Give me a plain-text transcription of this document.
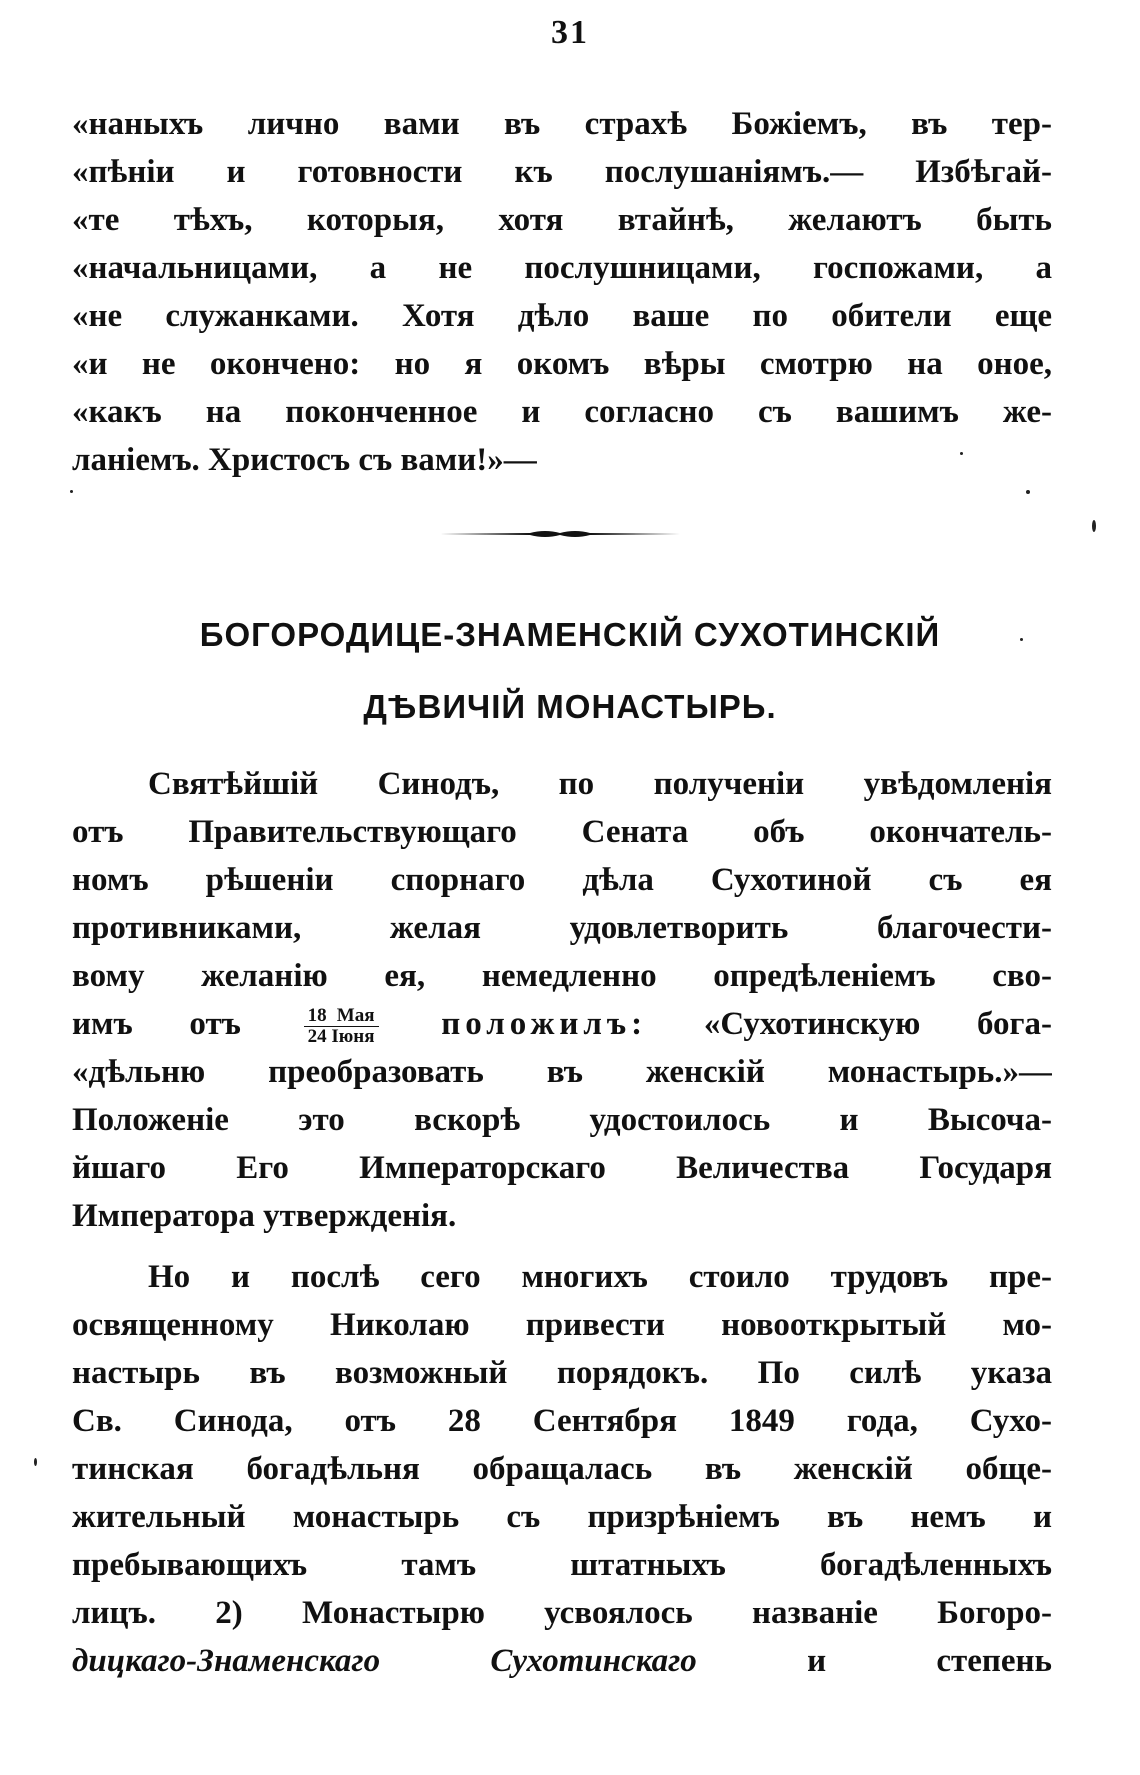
31
«наныхъ лично вами въ страхѣ Божіемъ, въ тер-
«пѣніи и готовности къ послушаніямъ.— Избѣгай-
«те тѣхъ, которыя, хотя втайнѣ, желаютъ быть
«начальницами, а не послушницами, госпожами, а
«не служанками. Хотя дѣло ваше по обители еще
«и не окончено: но я окомъ вѣры смотрю на оное,
«какъ на поконченное и согласно съ вашимъ же-
ланіемъ. Христосъ съ вами!»—
БОГОРОДИЦЕ-ЗНАМЕНСКІЙ СУХОТИНСКІЙ
ДѢВИЧІЙ МОНАСТЫРЬ.
Святѣйшій Синодъ, по полученіи увѣдомленія
отъ Правительствующаго Сената объ окончатель-
номъ рѣшеніи спорнаго дѣла Сухотиной съ ея
противниками, желая удовлетворить благочести-
вому желанію ея, немедленно опредѣленіемъ сво-
имъ отъ	$\frac{\text{18 Мая}}{\text{24 Іюня}}$ положилъ: «Сухотинскую бога-
«дѣльню преобразовать въ женскій монастырь.»—
Положеніе это вскорѣ удостоилось и Высоча-
йшаго Его Императорскаго Величества Государя
Императора утвержденія.
Но и послѣ сего многихъ стоило трудовъ пре-
освященному Николаю привести новооткрытый мо-
настырь въ возможный порядокъ. По силѣ указа
Св. Синода, отъ 28 Сентября 1849 года, Сухо-
тинская богадѣльня обращалась въ женскій обще-
жительный монастырь съ призрѣніемъ въ немъ и
пребывающихъ тамъ штатныхъ богадѣленныхъ
лицъ. 2) Монастырю усвоялось названіе Богоро-
дицкаго-Знаменскаго Сухотинскаго	и степень
